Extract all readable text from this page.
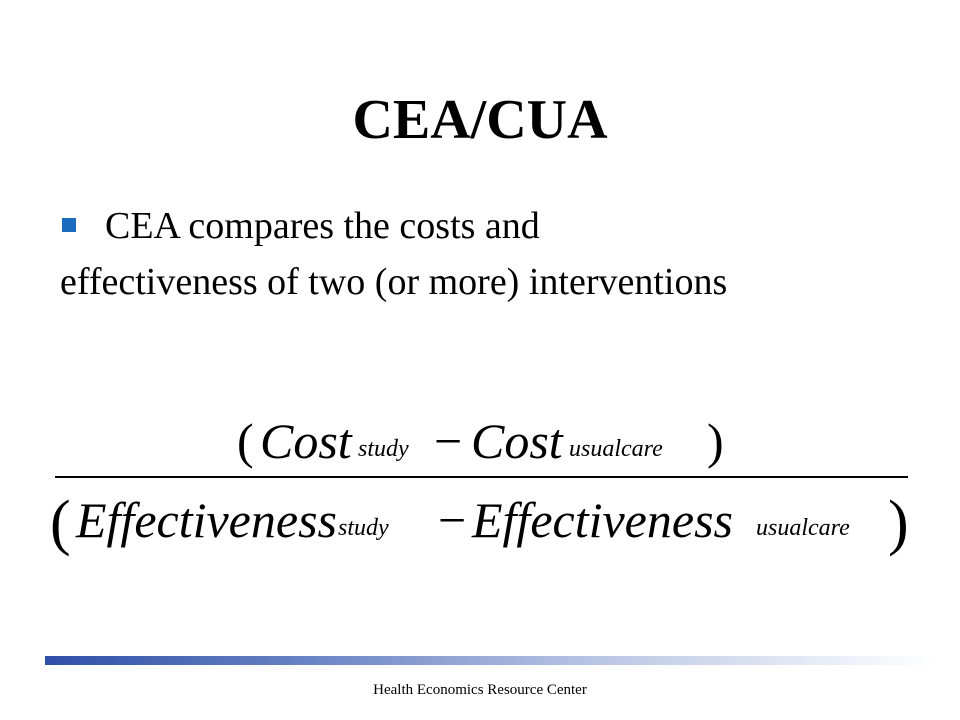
CEA/CUA
CEA compares the costs and
effectiveness of two (or more) interventions
( Cost study − Cost usualcare )
( Effectiveness study − Effectiveness usualcare )
Health Economics Resource Center
